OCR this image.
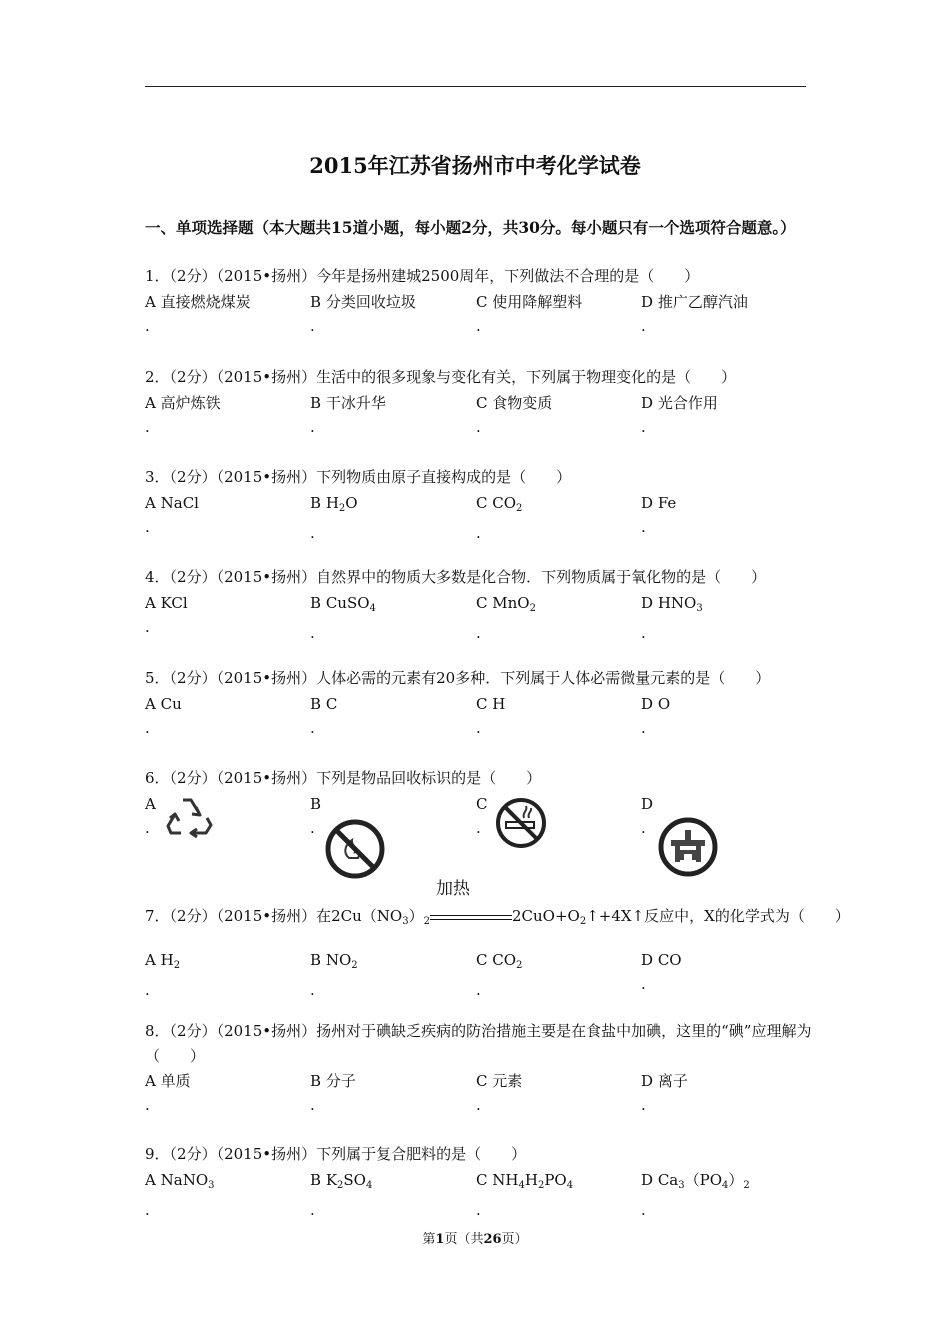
2015年江苏省扬州市中考化学试卷
一、单项选择题（本大题共15道小题，每小题2分，共30分。每小题只有一个选项符合题意。）
1．（2分）（2015•扬州）今年是扬州建城2500周年，下列做法不合理的是（　　）
A 直接燃烧煤炭
.
B 分类回收垃圾
.
C 使用降解塑料
.
D 推广乙醇汽油
.
2．（2分）（2015•扬州）生活中的很多现象与变化有关，下列属于物理变化的是（　　）
A 高炉炼铁
.
B 干冰升华
.
C 食物变质
.
D 光合作用
.
3．（2分）（2015•扬州）下列物质由原子直接构成的是（　　）
A NaCl
.
B $H_2O$
.
C $CO_2$
.
D Fe
.
4．（2分）（2015•扬州）自然界中的物质大多数是化合物．下列物质属于氧化物的是（　　）
A KCl
.
B CuSO$_4$
.
C MnO$_2$
.
D $HNO_3$
.
5．（2分）（2015•扬州）人体必需的元素有20多种．下列属于人体必需微量元素的是（　　）
A Cu
.
B C
.
C H
.
D O
.
6．（2分）（2015•扬州）下列是物品回收标识的是（　　）
A
.
B
.
C
.
D
.
7．（2分）（2015•扬州）在$2Cu(NO_3)_2$
加热
$2CuO+O_2↑+4X↑$反应中，X的化学式为（　　）
A $H_2$
.
B $NO_2$
.
C $CO_2$
.
D CO
.
8．（2分）（2015•扬州）扬州对于碘缺乏疾病的防治措施主要是在食盐中加碘，这里的“碘”应理解为（　　）
A 单质
.
B 分子
.
C 元素
.
D 离子
.
9．（2分）（2015•扬州）下列属于复合肥料的是（　　）
A NaNO$_3$
.
B $K_2SO_4$
.
C $NH_4H_2PO_4$
.
D $Ca_3(PO_4)_2$
.
第1页（共26页）
